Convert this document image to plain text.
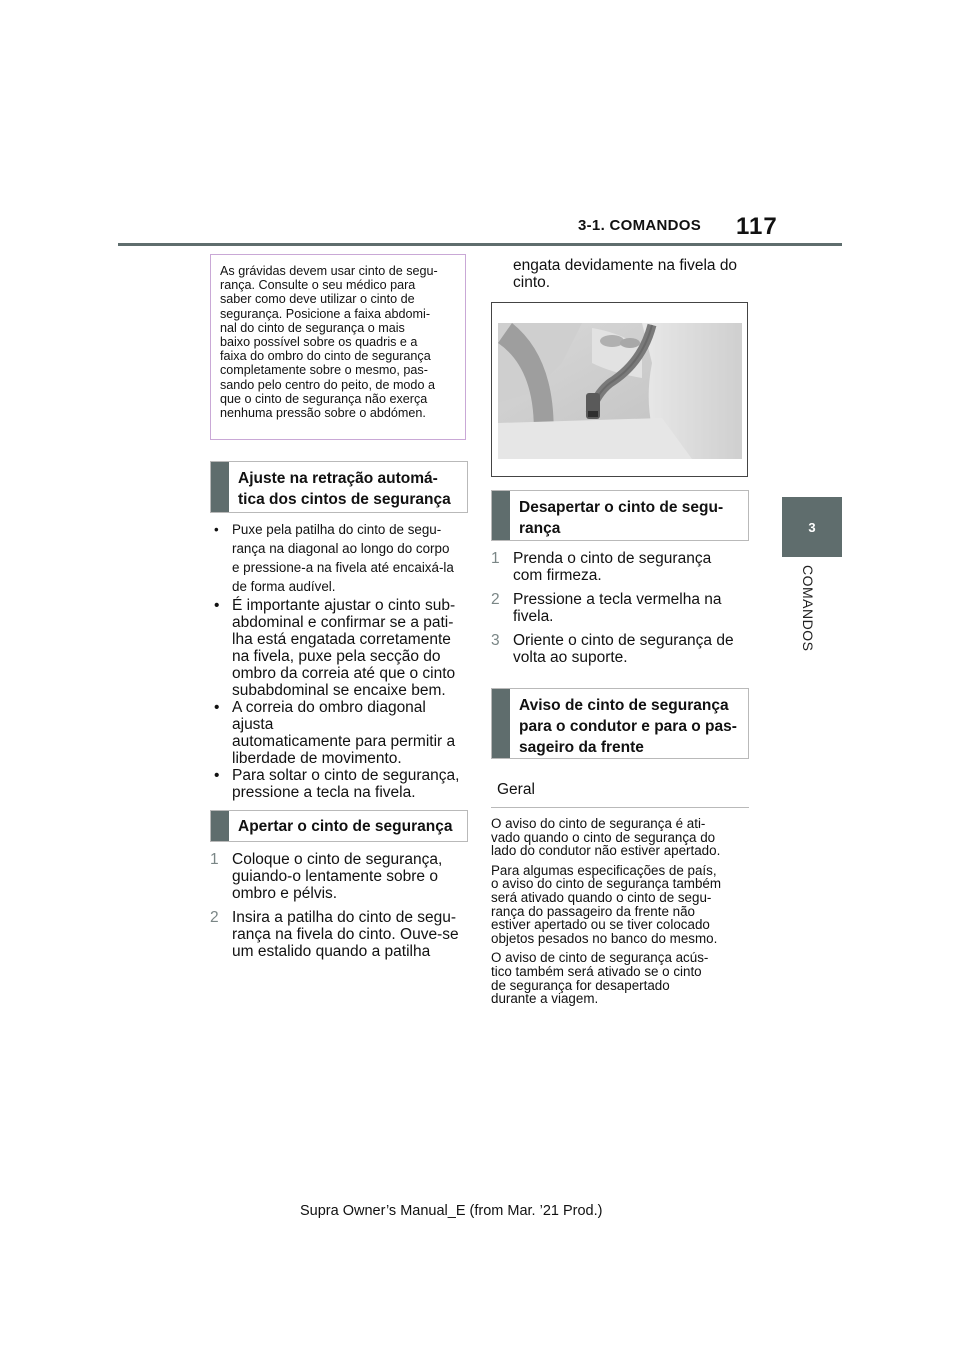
3-1. COMANDOS 117
3
COMANDOS
As grávidas devem usar cinto de segu-
rança. Consulte o seu médico para
saber como deve utilizar o cinto de
segurança. Posicione a faixa abdomi-
nal do cinto de segurança o mais
baixo possível sobre os quadris e a
faixa do ombro do cinto de segurança
completamente sobre o mesmo, pas-
sando pelo centro do peito, de modo a
que o cinto de segurança não exerça
nenhuma pressão sobre o abdómen.
Ajuste na retração automá-
tica dos cintos de segurança
• Puxe pela patilha do cinto de segu-
rança na diagonal ao longo do corpo
e pressione-a na fivela até encaixá-la
de forma audível.
• É importante ajustar o cinto sub-
abdominal e confirmar se a pati-
lha está engatada corretamente
na fivela, puxe pela secção do
ombro da correia até que o cinto
subabdominal se encaixe bem.
• A correia do ombro diagonal ajusta
automaticamente para permitir a
liberdade de movimento.
• Para soltar o cinto de segurança,
pressione a tecla na fivela.
Apertar o cinto de segurança
1 Coloque o cinto de segurança,
guiando-o lentamente sobre o
ombro e pélvis.
2 Insira a patilha do cinto de segu-
rança na fivela do cinto. Ouve-se
um estalido quando a patilha
engata devidamente na fivela do
cinto.
Desapertar o cinto de segu-
rança
1 Prenda o cinto de segurança
com firmeza.
2 Pressione a tecla vermelha na
fivela.
3 Oriente o cinto de segurança de
volta ao suporte.
Aviso de cinto de segurança
para o condutor e para o pas-
sageiro da frente
Geral
O aviso do cinto de segurança é ati-
vado quando o cinto de segurança do
lado do condutor não estiver apertado.
Para algumas especificações de país,
o aviso do cinto de segurança também
será ativado quando o cinto de segu-
rança do passageiro da frente não
estiver apertado ou se tiver colocado
objetos pesados no banco do mesmo.
O aviso de cinto de segurança acús-
tico também será ativado se o cinto
de segurança for desapertado
durante a viagem.
Supra Owner’s Manual_E (from Mar. ’21 Prod.)
